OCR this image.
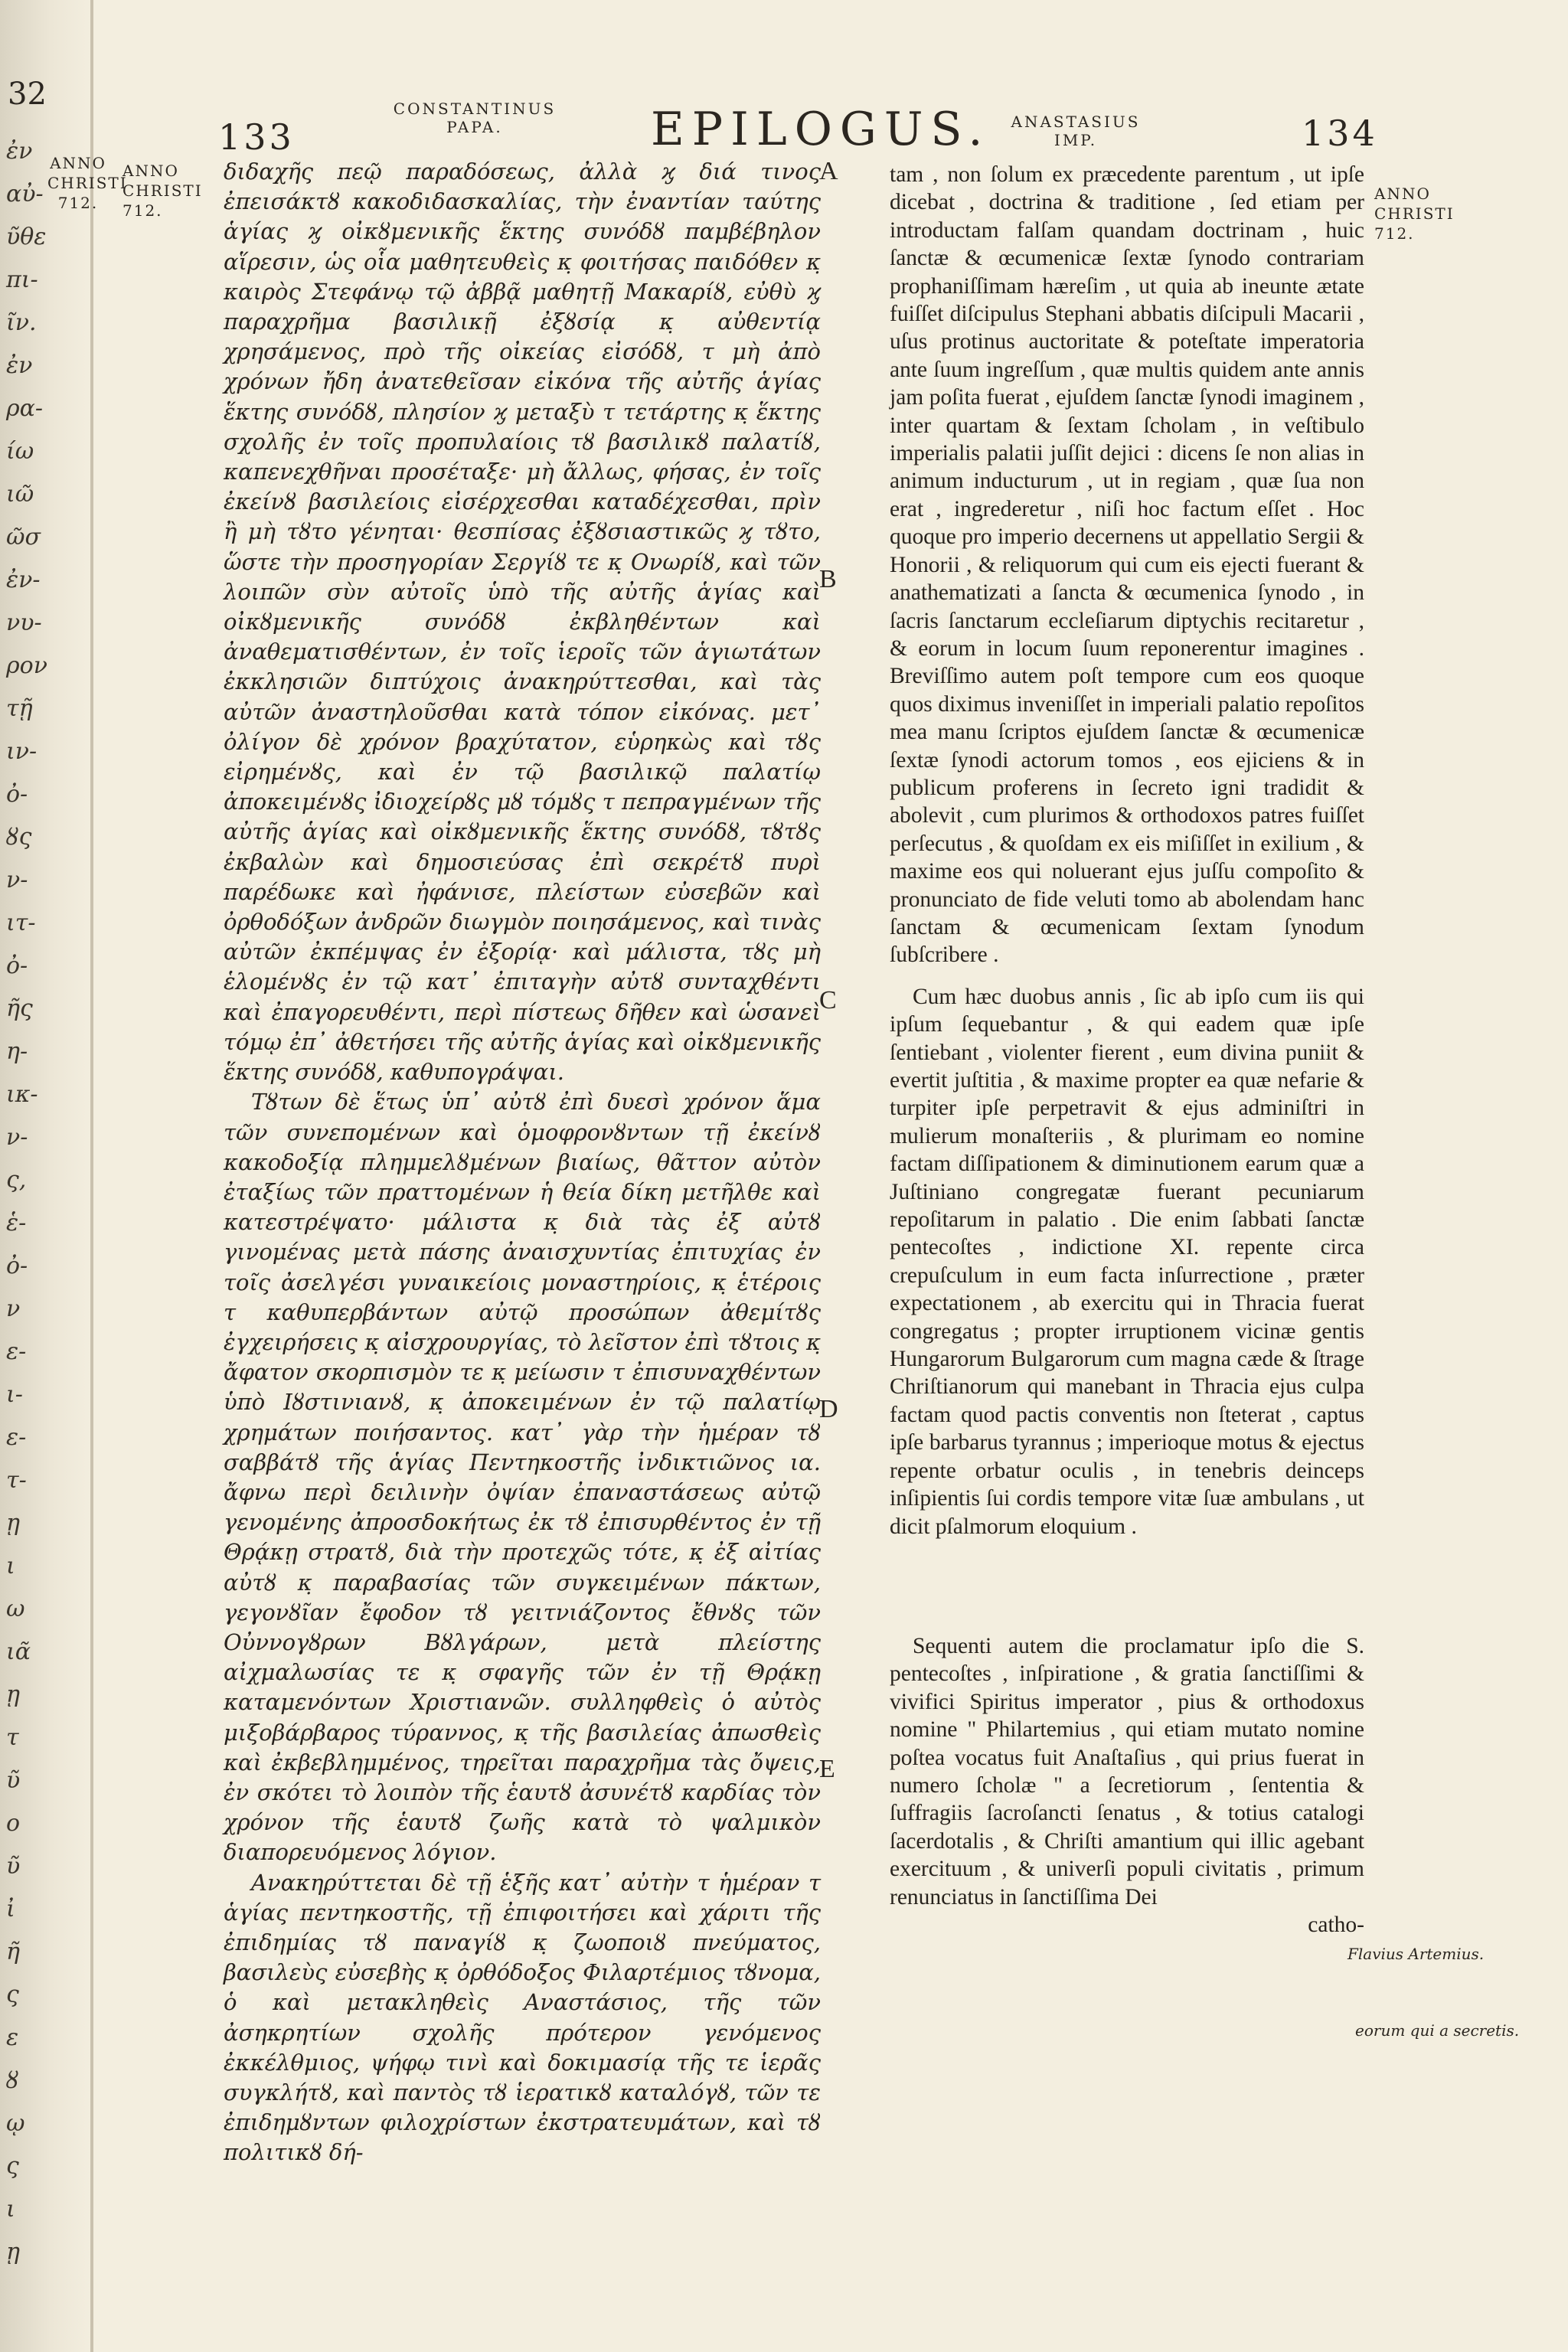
32
ἐν
αὐ-
ῦθε
πι-
ῖν.
ἐν
ρα-
ίω
ιῶ
ῶσ
ἐν-
νυ-
ρον
τῇ
ιν-
ὀ-
ȣς
ν-
ιτ-
ὀ-
ῆς
η-
ικ-
ν-
ς,
ἑ-
ὀ-
ν
ε-
ι-
ε-
τ-
ῃ
ι
ω
ιᾶ
ῃ
τ
ῦ
ο
ῦ
ἰ
ῆ
ς
ε
ȣ
ῳ
ς
ι
ῃ
133
CONSTANTINUS PAPA.	EPILOGUS.	ANASTASIUS IMP.	134
ANNO CHRISTI 712.
ANNO CHRISTI 712.
ANNO CHRISTI 712.
Flavius Artemius.
eorum qui a secretis.

διδαχῆς πεῷ παραδόσεως, ἀλλὰ ϗ διά τινος ἐπεισάκτȣ κακοδιδασκαλίας, τὴν ἐναντίαν ταύτης ἁγίας ϗ οἰκȣμενικῆς ἕκτης συνόδȣ παμβέβηλον αἵρεσιν, ὡς οἷα μαθητευθεὶς κ̣ φοιτήσας παιδόθεν κ̣ καιρὸς Στεφάνῳ τῷ ἀββᾷ μαθητῇ Μακαρίȣ, εὐθὺ ϗ παραχρῆμα βασιλικῇ ἐξȣσίᾳ κ̣ αὐθεντίᾳ χρησάμενος, πρὸ τῆς οἰκείας εἰσόδȣ, τ μὴ ἀπὸ χρόνων ἤδη ἀνατεθεῖσαν εἰκόνα τῆς αὐτῆς ἁγίας ἕκτης συνόδȣ, πλησίον ϗ μεταξὺ τ τετάρτης κ̣ ἕκτης σχολῆς ἐν τοῖς προπυλαίοις τȣ βασιλικȣ παλατίȣ, καπενεχθῆναι προσέταξε· μὴ ἄλλως, φήσας, ἐν τοῖς ἐκείνȣ βασιλείοις εἰσέρχεσθαι καταδέχεσθαι, πρὶν ἢ μὴ τȣτο γένηται· θεσπίσας ἐξȣσιαστικῶς ϗ τȣτο, ὥστε τὴν προσηγορίαν Σεργίȣ τε κ̣ Ονωρίȣ, καὶ τῶν λοιπῶν σὺν αὐτοῖς ὑπὸ τῆς αὐτῆς ἁγίας καὶ οἰκȣμενικῆς συνόδȣ ἐκβληθέντων καὶ ἀναθεματισθέντων, ἐν τοῖς ἱεροῖς τῶν ἁγιωτάτων ἐκκλησιῶν διπτύχοις ἀνακηρύττεσθαι, καὶ τὰς αὐτῶν ἀναστηλοῦσθαι κατὰ τόπον εἰκόνας. μετ᾽ ὀλίγον δὲ χρόνον βραχύτατον, εὑρηκὼς καὶ τȣς εἰρημένȣς, καὶ ἐν τῷ βασιλικῷ παλατίῳ ἀποκειμένȣς ἰδιοχείρȣς μȣ τόμȣς τ πεπραγμένων τῆς αὐτῆς ἁγίας καὶ οἰκȣμενικῆς ἕκτης συνόδȣ, τȣτȣς ἐκβαλὼν καὶ δημοσιεύσας ἐπὶ σεκρέτȣ πυρὶ παρέδωκε καὶ ἠφάνισε, πλείστων εὐσεβῶν καὶ ὀρθοδόξων ἀνδρῶν διωγμὸν ποιησάμενος, καὶ τινὰς αὐτῶν ἐκπέμψας ἐν ἐξορίᾳ· καὶ μάλιστα, τȣς μὴ ἑλομένȣς ἐν τῷ κατ᾽ ἐπιταγὴν αὐτȣ συνταχθέντι καὶ ἐπαγορευθέντι, περὶ πίστεως δῆθεν καὶ ὡσανεὶ τόμῳ ἐπ᾽ ἀθετήσει τῆς αὐτῆς ἁγίας καὶ οἰκȣμενικῆς ἕκτης συνόδȣ, καθυπογράψαι.

Τȣτων δὲ ἕτως ὑπ᾽ αὐτȣ ἐπὶ δυεσὶ χρόνον ἅμα τῶν συνεπομένων καὶ ὁμοφρονȣντων τῇ ἐκείνȣ κακοδοξίᾳ πλημμελȣμένων βιαίως, θᾶττον αὐτὸν ἐταξίως τῶν πραττομένων ἡ θεία δίκη μετῆλθε καὶ κατεστρέψατο· μάλιστα κ̣ διὰ τὰς ἐξ αὐτȣ γινομένας μετὰ πάσης ἀναισχυντίας ἐπιτυχίας ἐν τοῖς ἀσελγέσι γυναικείοις μοναστηρίοις, κ̣ ἑτέροις τ καθυπερβάντων αὐτῷ προσώπων ἀθεμίτȣς ἐγχειρήσεις κ̣ αἰσχρουργίας, τὸ λεῖστον ἐπὶ τȣτοις κ̣ ἄφατον σκορπισμὸν τε κ̣ μείωσιν τ ἐπισυναχθέντων ὑπὸ Ιȣστινιανȣ, κ̣ ἀποκειμένων ἐν τῷ παλατίῳ χρημάτων ποιήσαντος. κατ᾽ γὰρ τὴν ἡμέραν τȣ σαββάτȣ τῆς ἁγίας Πεντηκοστῆς ἰνδικτιῶνος ια. ἄφνω περὶ δειλινὴν ὀψίαν ἐπαναστάσεως αὐτῷ γενομένης ἀπροσδοκήτως ἐκ τȣ ἐπισυρθέντος ἐν τῇ Θρᾴκῃ στρατȣ, διὰ τὴν προτεχῶς τότε, κ̣ ἐξ αἰτίας αὐτȣ κ̣ παραβασίας τῶν συγκειμένων πάκτων, γεγονȣῖαν ἔφοδον τȣ γειτνιάζοντος ἔθνȣς τῶν Οὐννογȣρων Βȣλγάρων, μετὰ πλείστης αἰχμαλωσίας τε κ̣ σφαγῆς τῶν ἐν τῇ Θρᾴκῃ καταμενόντων Χριστιανῶν. συλληφθεὶς ὁ αὐτὸς μιξοβάρβαρος τύραννος, κ̣ τῆς βασιλείας ἀπωσθεὶς καὶ ἐκβεβλημμένος, τηρεῖται παραχρῆμα τὰς ὄψεις, ἐν σκότει τὸ λοιπὸν τῆς ἑαυτȣ ἀσυνέτȣ καρδίας τὸν χρόνον τῆς ἑαυτȣ ζωῆς κατὰ τὸ ψαλμικὸν διαπορευόμενος λόγιον.

Ανακηρύττεται δὲ τῇ ἑξῆς κατ᾽ αὐτὴν τ ἡμέραν τ ἁγίας πεντηκοστῆς, τῇ ἐπιφοιτήσει καὶ χάριτι τῆς ἐπιδημίας τȣ παναγίȣ κ̣ ζωοποιȣ πνεύματος, βασιλεὺς εὐσεβὴς κ̣ ὀρθόδοξος Φιλαρτέμιος τȣνομα, ὁ καὶ μετακληθεὶς Αναστάσιος, τῆς τῶν ἀσηκρητίων σχολῆς πρότερον γενόμενος ἐκκέλθμιος, ψήφῳ τινὶ καὶ δοκιμασίᾳ τῆς τε ἱερᾶς συγκλήτȣ, καὶ παντὸς τȣ ἱερατικȣ καταλόγȣ, τῶν τε ἐπιδημȣντων φιλοχρίστων ἐκστρατευμάτων, καὶ τȣ πολιτικȣ δή-

A
B
C
D
E

tam , non ſolum ex præcedente parentum , ut ipſe dicebat , doctrina & traditione , ſed etiam per introductam falſam quandam doctrinam , huic ſanctæ & œcumenicæ ſextæ ſynodo contrariam prophaniſſimam hæreſim , ut quia ab ineunte ætate fuiſſet diſcipulus Stephani abbatis diſcipuli Macarii , uſus protinus auctoritate & poteſtate imperatoria ante ſuum ingreſſum , quæ multis quidem ante annis jam poſita fuerat , ejuſdem ſanctæ ſynodi imaginem , inter quartam & ſextam ſcholam , in veſtibulo imperialis palatii juſſit dejici : dicens ſe non alias in animum inducturum , ut in regiam , quæ ſua non erat , ingrederetur , niſi hoc factum eſſet . Hoc quoque pro imperio decernens ut appellatio Sergii & Honorii , & reliquorum qui cum eis ejecti fuerant & anathematizati a ſancta & œcumenica ſynodo , in ſacris ſanctarum eccleſiarum diptychis recitaretur , & eorum in locum ſuum reponerentur imagines . Breviſſimo autem poſt tempore cum eos quoque quos diximus inveniſſet in imperiali palatio repoſitos mea manu ſcriptos ejuſdem ſanctæ & œcumenicæ ſextæ ſynodi actorum tomos , eos ejiciens & in publicum proferens in ſecreto igni tradidit & abolevit , cum plurimos & orthodoxos patres fuiſſet perſecutus , & quoſdam ex eis miſiſſet in exilium , & maxime eos qui noluerant ejus juſſu compoſito & pronunciato de fide veluti tomo ab abolendam hanc ſanctam & œcumenicam ſextam ſynodum ſubſcribere .

Cum hæc duobus annis , ſic ab ipſo cum iis qui ipſum ſequebantur , & qui eadem quæ ipſe ſentiebant , violenter fierent , eum divina puniit & evertit juſtitia , & maxime propter ea quæ nefarie & turpiter ipſe perpetravit & ejus adminiſtri in mulierum monaſteriis , & plurimam eo nomine factam diſſipationem & diminutionem earum quæ a Juſtiniano congregatæ fuerant pecuniarum repoſitarum in palatio . Die enim ſabbati ſanctæ pentecoſtes , indictione XI. repente circa crepuſculum in eum facta inſurrectione , præter expectationem , ab exercitu qui in Thracia fuerat congregatus ; propter irruptionem vicinæ gentis Hungarorum Bulgarorum cum magna cæde & ſtrage Chriſtianorum qui manebant in Thracia ejus culpa factam quod pactis conventis non ſteterat , captus ipſe barbarus tyrannus ; imperioque motus & ejectus repente orbatur oculis , in tenebris deinceps inſipientis ſui cordis tempore vitæ ſuæ ambulans , ut dicit pſalmorum eloquium .

Sequenti autem die proclamatur ipſo die S. pentecoſtes , inſpiratione , & gratia ſanctiſſimi & vivifici Spiritus imperator , pius & orthodoxus nomine " Philartemius , qui etiam mutato nomine poſtea vocatus fuit Anaſtaſius , qui prius fuerat in numero ſcholæ " a ſecretiorum , ſententia & ſuffragiis ſacroſancti ſenatus , & totius catalogi ſacerdotalis , & Chriſti amantium qui illic agebant exercituum , & univerſi populi civitatis , primum renunciatus in ſanctiſſima Dei

catho-
